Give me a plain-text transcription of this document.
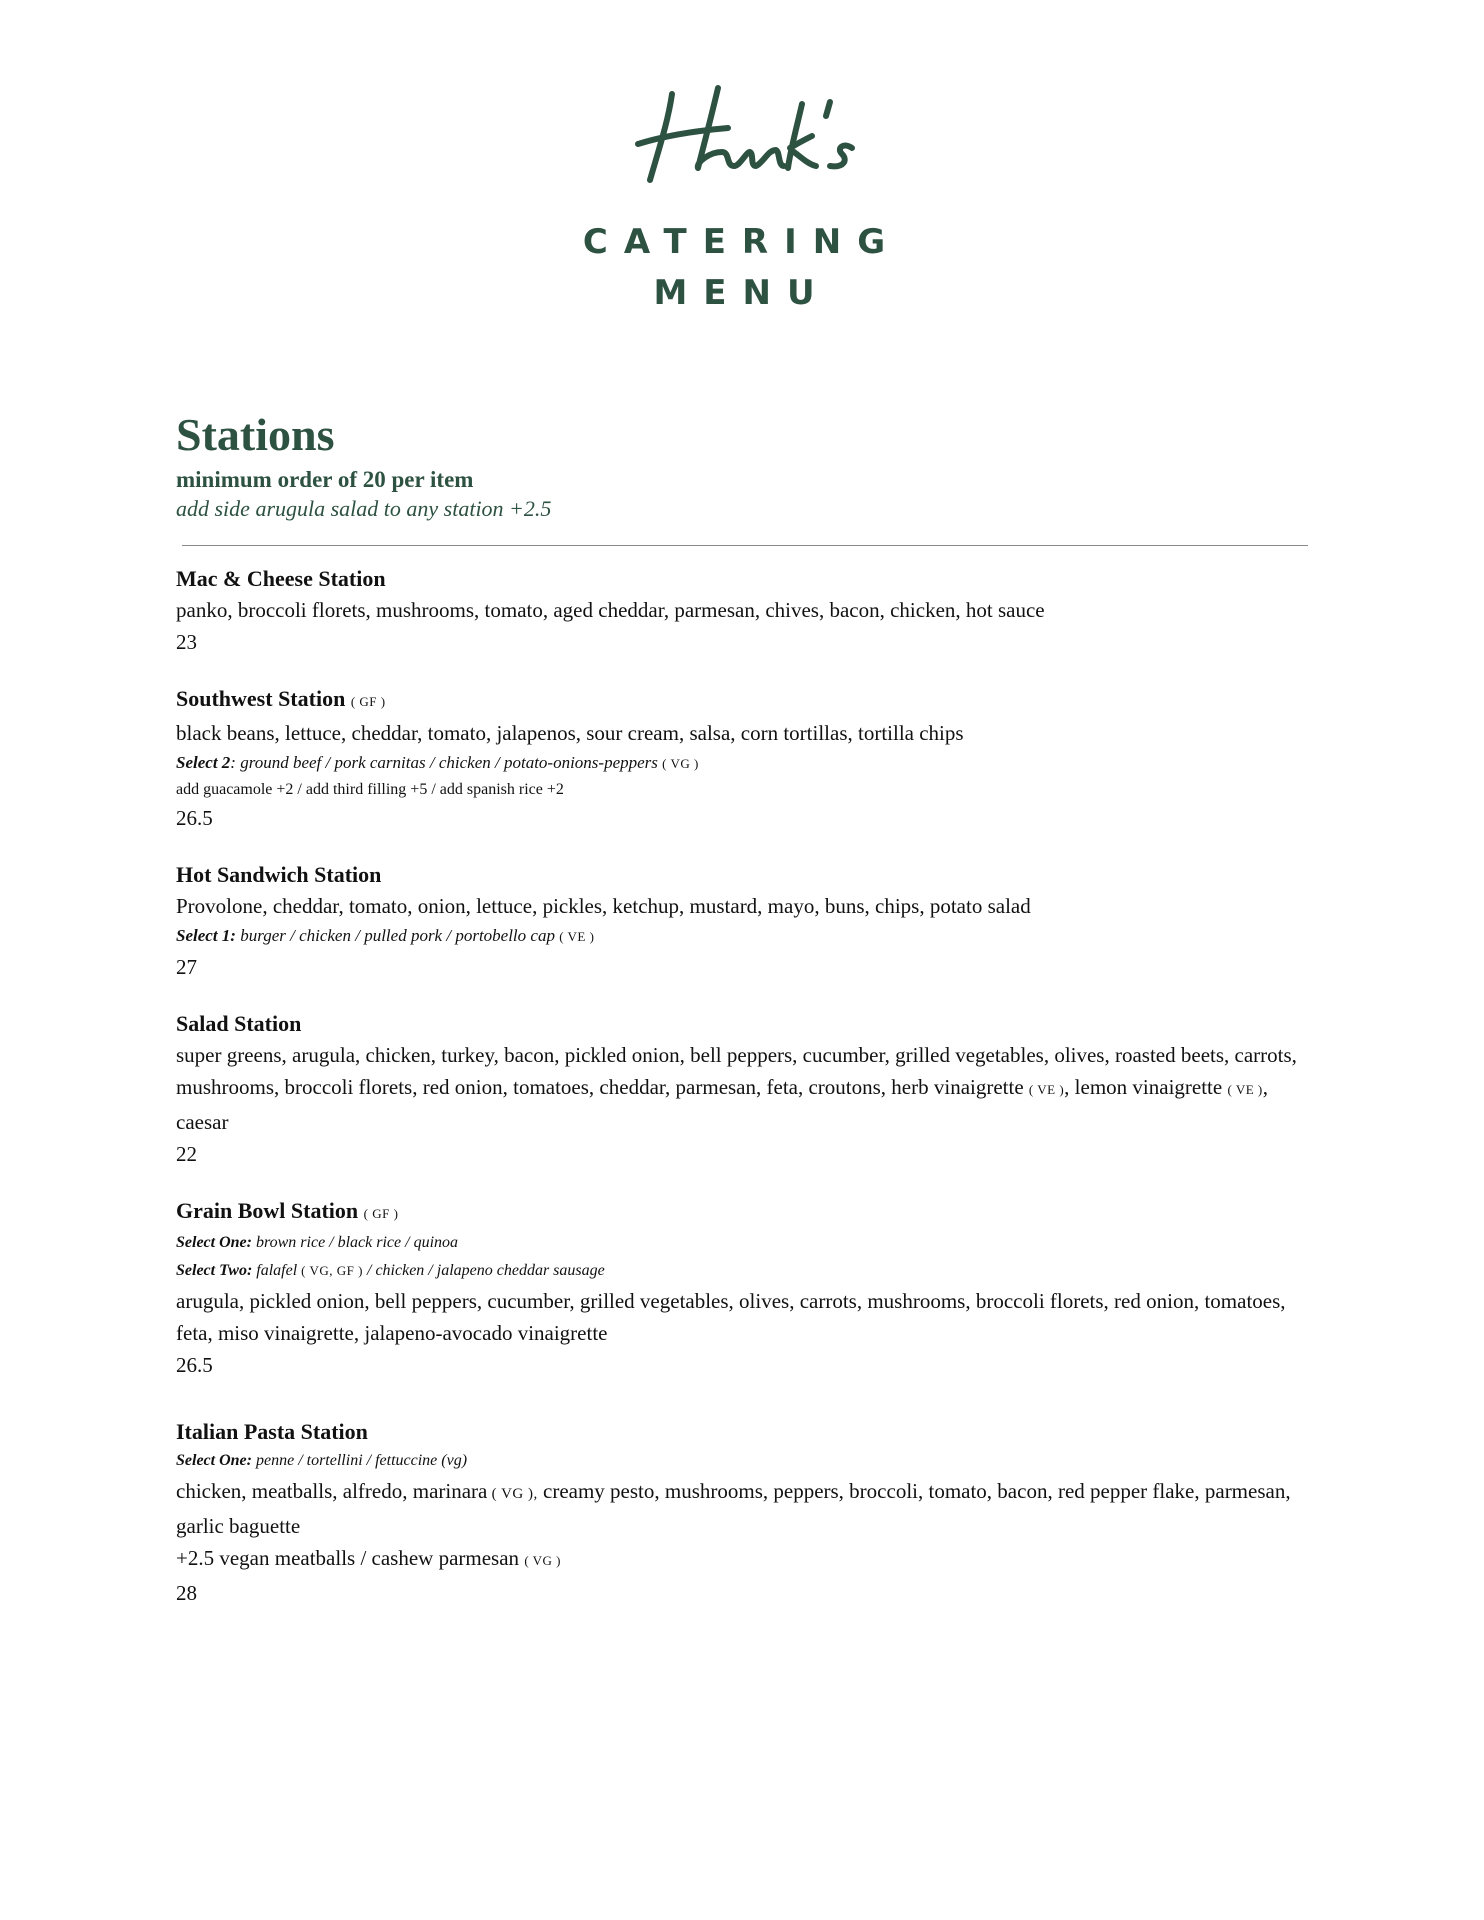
CATERING
MENU
Stations
minimum order of 20 per item
add side arugula salad to any station +2.5
Mac & Cheese Station
panko, broccoli florets, mushrooms, tomato, aged cheddar, parmesan, chives, bacon, chicken, hot sauce
23
Southwest Station ( GF )
black beans, lettuce, cheddar, tomato, jalapenos, sour cream, salsa, corn tortillas, tortilla chips
Select 2: ground beef / pork carnitas / chicken / potato-onions-peppers ( VG )
add guacamole +2 / add third filling +5 / add spanish rice +2
26.5
Hot Sandwich Station
Provolone, cheddar, tomato, onion, lettuce, pickles, ketchup, mustard, mayo, buns, chips, potato salad
Select 1: burger / chicken / pulled pork / portobello cap ( VE )
27
Salad Station
super greens, arugula, chicken, turkey, bacon, pickled onion, bell peppers, cucumber, grilled vegetables, olives, roasted beets, carrots, mushrooms, broccoli florets, red onion, tomatoes, cheddar, parmesan, feta, croutons, herb vinaigrette ( VE ), lemon vinaigrette ( VE ), caesar
22
Grain Bowl Station ( GF )
Select One: brown rice / black rice / quinoa
Select Two: falafel ( VG, GF ) / chicken / jalapeno cheddar sausage
arugula, pickled onion, bell peppers, cucumber, grilled vegetables, olives, carrots, mushrooms, broccoli florets, red onion, tomatoes, feta, miso vinaigrette, jalapeno-avocado vinaigrette
26.5
Italian Pasta Station
Select One: penne / tortellini / fettuccine (vg)
chicken, meatballs, alfredo, marinara ( VG ), creamy pesto, mushrooms, peppers, broccoli, tomato, bacon, red pepper flake, parmesan, garlic baguette
+2.5 vegan meatballs / cashew parmesan ( VG )
28
